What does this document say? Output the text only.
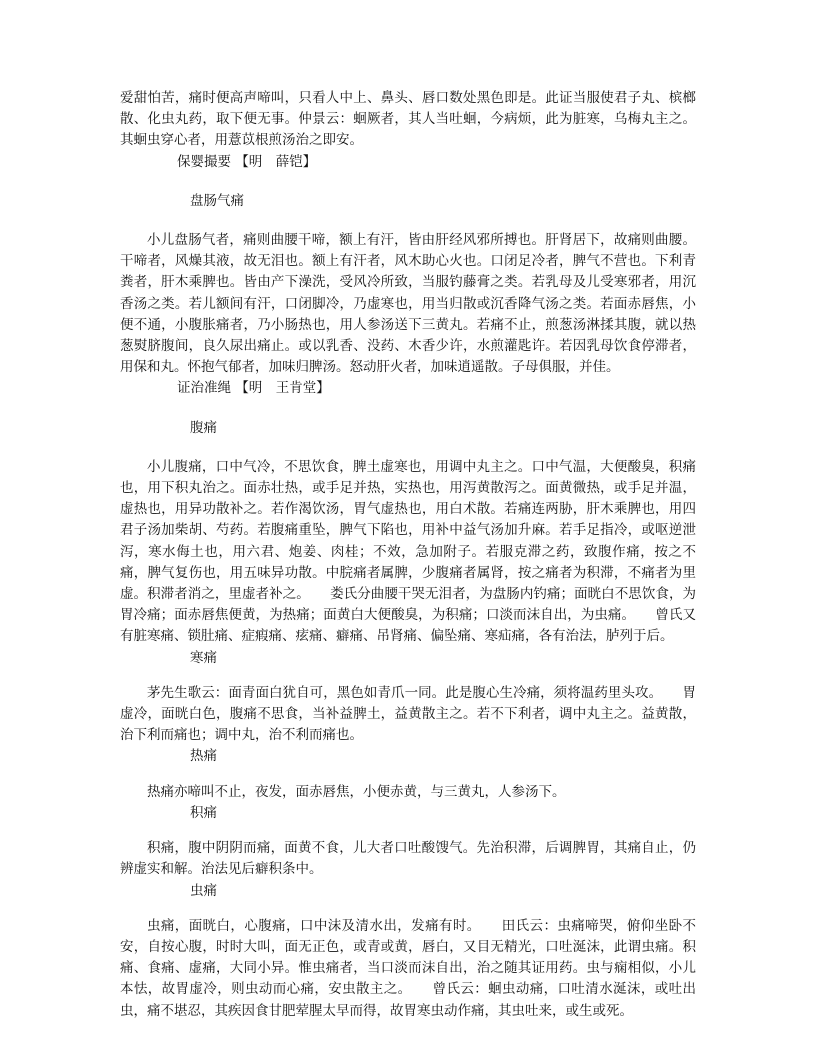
爱甜怕苦，痛时便高声啼叫，只看人中上、鼻头、唇口数处黑色即是。此证当服使君子丸、槟榔散、化虫丸药，取下便无事。仲景云：蛔厥者，其人当吐蛔，今病烦，此为脏寒，乌梅丸主之。其蛔虫穿心者，用薏苡根煎汤治之即安。

保婴撮要 【明　薛铠】

盘肠气痛

小儿盘肠气者，痛则曲腰干啼，额上有汗，皆由肝经风邪所搏也。肝肾居下，故痛则曲腰。干啼者，风燥其液，故无泪也。额上有汗者，风木助心火也。口闭足冷者，脾气不营也。下利青粪者，肝木乘脾也。皆由产下澡洗，受风冷所致，当服钓藤膏之类。若乳母及儿受寒邪者，用沉香汤之类。若儿额间有汗，口闭脚冷，乃虚寒也，用当归散或沉香降气汤之类。若面赤唇焦，小便不通，小腹胀痛者，乃小肠热也，用人参汤送下三黄丸。若痛不止，煎葱汤淋揉其腹，就以热葱熨脐腹间，良久尿出痛止。或以乳香、没药、木香少许，水煎灌匙许。若因乳母饮食停滞者，用保和丸。怀抱气郁者，加味归脾汤。怒动肝火者，加味逍遥散。子母俱服，并佳。

证治准绳 【明　王肯堂】

腹痛

小儿腹痛，口中气冷，不思饮食，脾土虚寒也，用调中丸主之。口中气温，大便酸臭，积痛也，用下积丸治之。面赤壮热，或手足并热，实热也，用泻黄散泻之。面黄微热，或手足并温，虚热也，用异功散补之。若作渴饮汤，胃气虚热也，用白术散。若痛连两胁，肝木乘脾也，用四君子汤加柴胡、芍药。若腹痛重坠，脾气下陷也，用补中益气汤加升麻。若手足指冷，或呕逆泄泻，寒水侮土也，用六君、炮姜、肉桂；不效，急加附子。若服克滞之药，致腹作痛，按之不痛，脾气复伤也，用五味异功散。中脘痛者属脾，少腹痛者属肾，按之痛者为积滞，不痛者为里虚。积滞者消之，里虚者补之。　　娄氏分曲腰干哭无泪者，为盘肠内钓痛；面晄白不思饮食，为胃冷痛；面赤唇焦便黄，为热痛；面黄白大便酸臭，为积痛；口淡而沫自出，为虫痛。　　曾氏又有脏寒痛、锁肚痛、症瘕痛、痃痛、癖痛、吊肾痛、偏坠痛、寒疝痛，各有治法，胪列于后。

寒痛

茅先生歌云：面青面白犹自可，黑色如青爪一同。此是腹心生冷痛，须将温药里头攻。　　胃虚冷，面晄白色，腹痛不思食，当补益脾土，益黄散主之。若不下利者，调中丸主之。益黄散，治下利而痛也；调中丸，治不利而痛也。

热痛

热痛亦啼叫不止，夜发，面赤唇焦，小便赤黄，与三黄丸，人参汤下。

积痛

积痛，腹中阴阴而痛，面黄不食，儿大者口吐酸馊气。先治积滞，后调脾胃，其痛自止，仍辨虚实和解。治法见后癖积条中。

虫痛

虫痛，面晄白，心腹痛，口中沫及清水出，发痛有时。　　田氏云：虫痛啼哭，俯仰坐卧不安，自按心腹，时时大叫，面无正色，或青或黄，唇白，又目无精光，口吐涎沫，此谓虫痛。积痛、食痛、虚痛，大同小异。惟虫痛者，当口淡而沫自出，治之随其证用药。虫与痫相似，小儿本怯，故胃虚冷，则虫动而心痛，安虫散主之。　　曾氏云：蛔虫动痛，口吐清水涎沫，或吐出虫，痛不堪忍，其疾因食甘肥荤腥太早而得，故胃寒虫动作痛，其虫吐来，或生或死。
